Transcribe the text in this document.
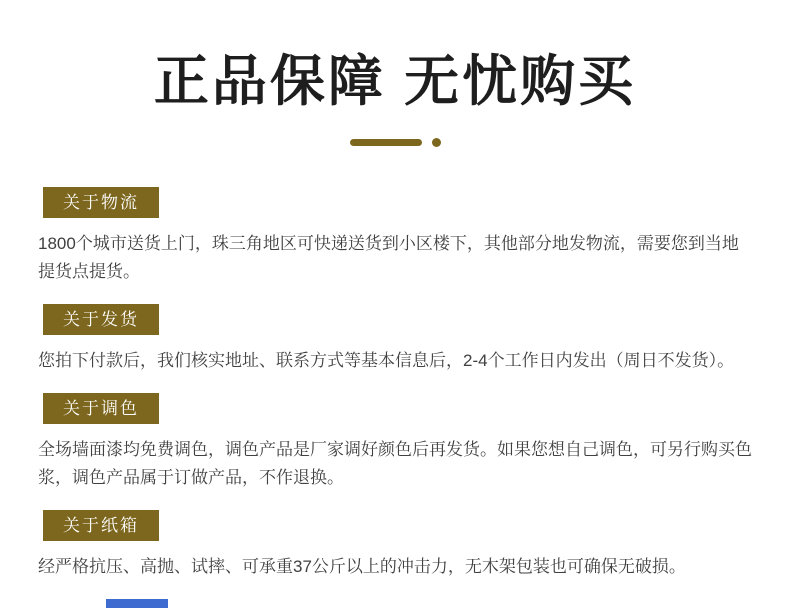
正品保障 无忧购买
关于物流

1800个城市送货上门，珠三角地区可快递送货到小区楼下，其他部分地发物流，需要您到当地提货点提货。

关于发货

您拍下付款后，我们核实地址、联系方式等基本信息后，2-4个工作日内发出（周日不发货）。

关于调色

全场墙面漆均免费调色，调色产品是厂家调好颜色后再发货。如果您想自己调色，可另行购买色浆，调色产品属于订做产品，不作退换。

关于纸箱

经严格抗压、高抛、试摔、可承重37公斤以上的冲击力，无木架包装也可确保无破损。
